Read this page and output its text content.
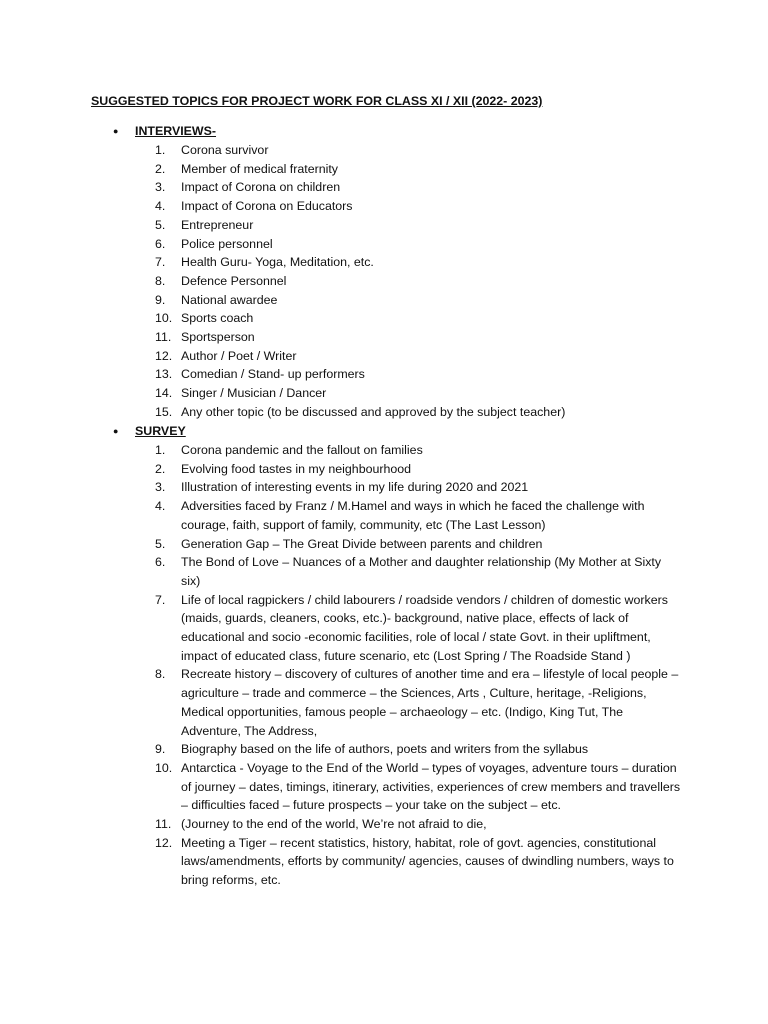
SUGGESTED TOPICS FOR PROJECT WORK FOR CLASS XI / XII (2022- 2023)
● INTERVIEWS-
1.	Corona survivor
2.	Member of medical fraternity
3.	Impact of Corona on children
4.	Impact of Corona on Educators
5.	Entrepreneur
6.	Police personnel
7.	Health Guru- Yoga, Meditation, etc.
8.	Defence Personnel
9.	National awardee
10. Sports coach
11. Sportsperson
12. Author / Poet / Writer
13. Comedian / Stand- up performers
14. Singer / Musician / Dancer
15. Any other topic (to be discussed and approved by the subject teacher)
● SURVEY
1.	Corona pandemic and the fallout on families
2.	Evolving food tastes in my neighbourhood
3.	Illustration of interesting events in my life during 2020 and 2021
4.	Adversities faced by Franz / M.Hamel and ways in which he faced the challenge with courage, faith, support of family, community, etc (The Last Lesson)
5.	Generation Gap – The Great Divide between parents and children
6.	The Bond of Love – Nuances of a Mother and daughter relationship (My Mother at Sixty six)
7.	Life of local ragpickers / child labourers / roadside vendors / children of domestic workers (maids, guards, cleaners, cooks, etc.)- background, native place, effects of lack of educational and socio -economic facilities, role of local / state Govt. in their upliftment, impact of educated class, future scenario, etc (Lost Spring / The Roadside Stand )
8.	Recreate history – discovery of cultures of another time and era – lifestyle of local people – agriculture – trade and commerce – the Sciences, Arts , Culture, heritage, -Religions, Medical opportunities, famous people – archaeology – etc. (Indigo, King Tut, The Adventure, The Address,
9.	Biography based on the life of authors, poets and writers from the syllabus
10. Antarctica - Voyage to the End of the World – types of voyages, adventure tours – duration of journey – dates, timings, itinerary, activities, experiences of crew members and travellers – difficulties faced – future prospects – your take on the subject – etc.
11. (Journey to the end of the world, We’re not afraid to die,
12. Meeting a Tiger – recent statistics, history, habitat, role of govt. agencies, constitutional laws/amendments, efforts by community/ agencies, causes of dwindling numbers, ways to bring reforms, etc.
